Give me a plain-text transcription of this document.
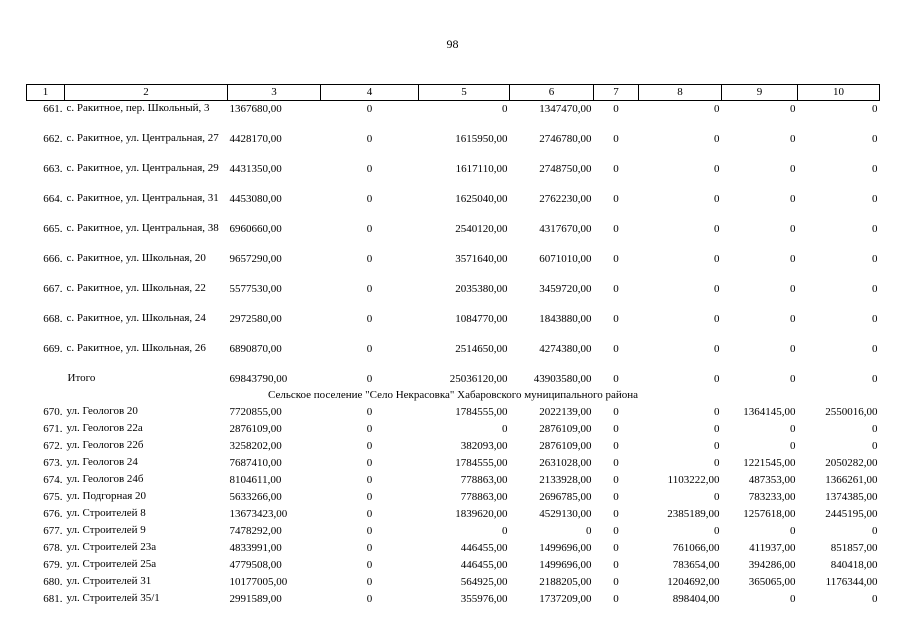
98
1	2	3	4	5	6	7	8	9	10
661.	с. Ракитное, пер. Школьный, 3	1367680,00	0	0	1347470,00	0	0	0	0
662.	с. Ракитное, ул. Центральная, 27	4428170,00	0	1615950,00	2746780,00	0	0	0	0
663.	с. Ракитное, ул. Центральная, 29	4431350,00	0	1617110,00	2748750,00	0	0	0	0
664.	с. Ракитное, ул. Центральная, 31	4453080,00	0	1625040,00	2762230,00	0	0	0	0
665.	с. Ракитное, ул. Центральная, 38	6960660,00	0	2540120,00	4317670,00	0	0	0	0
666.	с. Ракитное, ул. Школьная, 20	9657290,00	0	3571640,00	6071010,00	0	0	0	0
667.	с. Ракитное, ул. Школьная, 22	5577530,00	0	2035380,00	3459720,00	0	0	0	0
668.	с. Ракитное, ул. Школьная, 24	2972580,00	0	1084770,00	1843880,00	0	0	0	0
669.	с. Ракитное, ул. Школьная, 26	6890870,00	0	2514650,00	4274380,00	0	0	0	0
	Итого	69843790,00	0	25036120,00	43903580,00	0	0	0	0
Сельское поселение "Село Некрасовка" Хабаровского муниципального района									
670.	ул. Геологов 20	7720855,00	0	1784555,00	2022139,00	0	0	1364145,00	2550016,00
671.	ул. Геологов 22а	2876109,00	0	0	2876109,00	0	0	0	0
672.	ул. Геологов 22б	3258202,00	0	382093,00	2876109,00	0	0	0	0
673.	ул. Геологов 24	7687410,00	0	1784555,00	2631028,00	0	0	1221545,00	2050282,00
674.	ул. Геологов 24б	8104611,00	0	778863,00	2133928,00	0	1103222,00	487353,00	1366261,00
675.	ул. Подгорная 20	5633266,00	0	778863,00	2696785,00	0	0	783233,00	1374385,00
676.	ул. Строителей 8	13673423,00	0	1839620,00	4529130,00	0	2385189,00	1257618,00	2445195,00
677.	ул. Строителей 9	7478292,00	0	0	0	0	0	0	0
678.	ул. Строителей 23а	4833991,00	0	446455,00	1499696,00	0	761066,00	411937,00	851857,00
679.	ул. Строителей 25а	4779508,00	0	446455,00	1499696,00	0	783654,00	394286,00	840418,00
680.	ул. Строителей 31	10177005,00	0	564925,00	2188205,00	0	1204692,00	365065,00	1176344,00
681.	ул. Строителей 35/1	2991589,00	0	355976,00	1737209,00	0	898404,00	0	0
